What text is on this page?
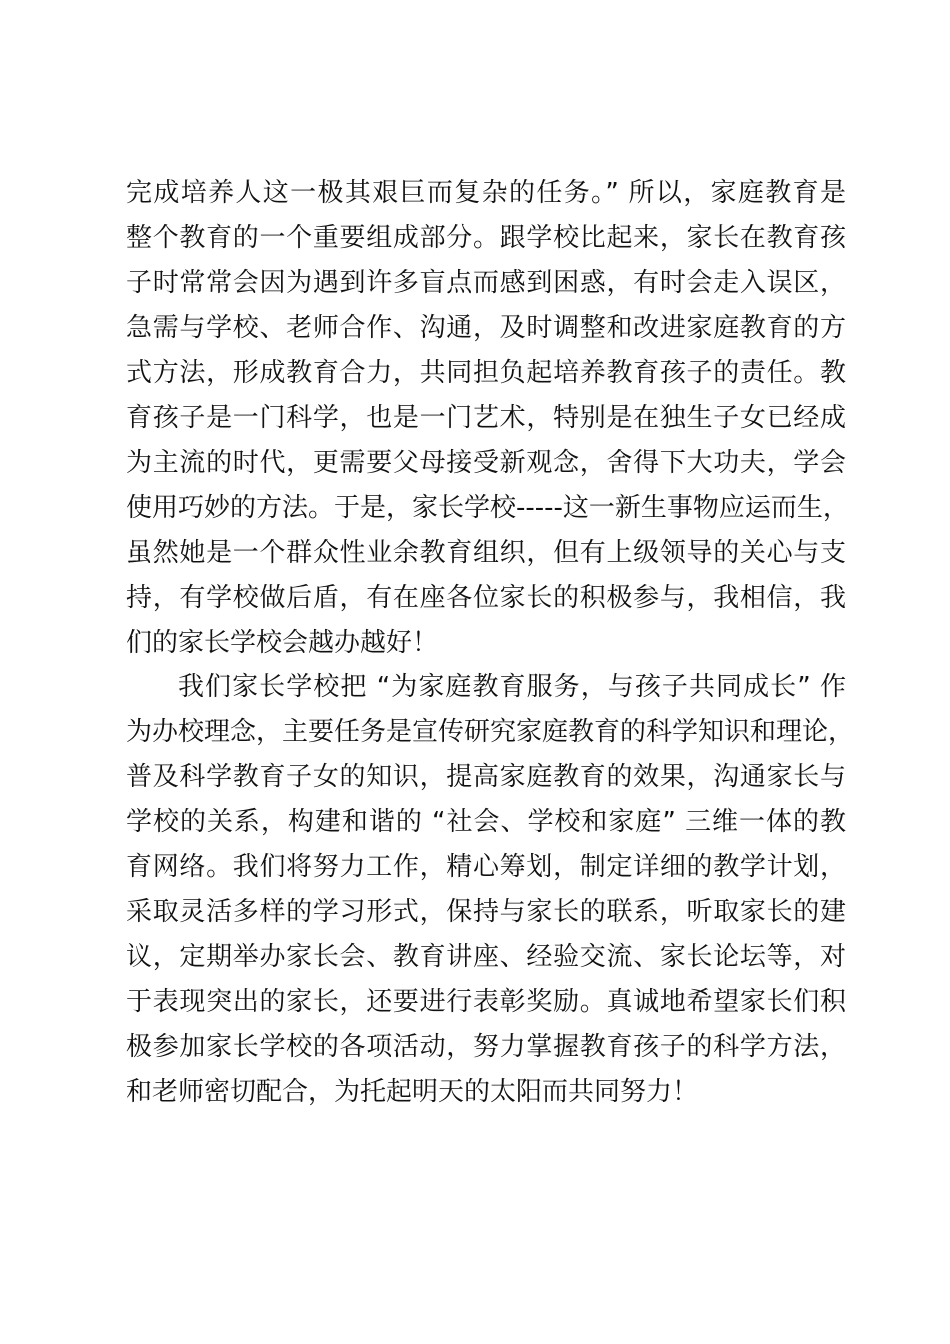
完成培养人这一极其艰巨而复杂的任务。” 所以，家庭教育是
整个教育的一个重要组成部分。跟学校比起来，家长在教育孩
子时常常会因为遇到许多盲点而感到困惑，有时会走入误区，
急需与学校、老师合作、沟通，及时调整和改进家庭教育的方
式方法，形成教育合力，共同担负起培养教育孩子的责任。教
育孩子是一门科学，也是一门艺术，特别是在独生子女已经成
为主流的时代，更需要父母接受新观念，舍得下大功夫，学会
使用巧妙的方法。于是，家长学校-----这一新生事物应运而生，
虽然她是一个群众性业余教育组织，但有上级领导的关心与支
持，有学校做后盾，有在座各位家长的积极参与，我相信，我
们的家长学校会越办越好！
我们家长学校把 “为家庭教育服务，与孩子共同成长” 作
为办校理念，主要任务是宣传研究家庭教育的科学知识和理论，
普及科学教育子女的知识，提高家庭教育的效果，沟通家长与
学校的关系，构建和谐的 “社会、学校和家庭” 三维一体的教
育网络。我们将努力工作，精心筹划，制定详细的教学计划，
采取灵活多样的学习形式，保持与家长的联系，听取家长的建
议，定期举办家长会、教育讲座、经验交流、家长论坛等，对
于表现突出的家长，还要进行表彰奖励。真诚地希望家长们积
极参加家长学校的各项活动，努力掌握教育孩子的科学方法，
和老师密切配合，为托起明天的太阳而共同努力！
